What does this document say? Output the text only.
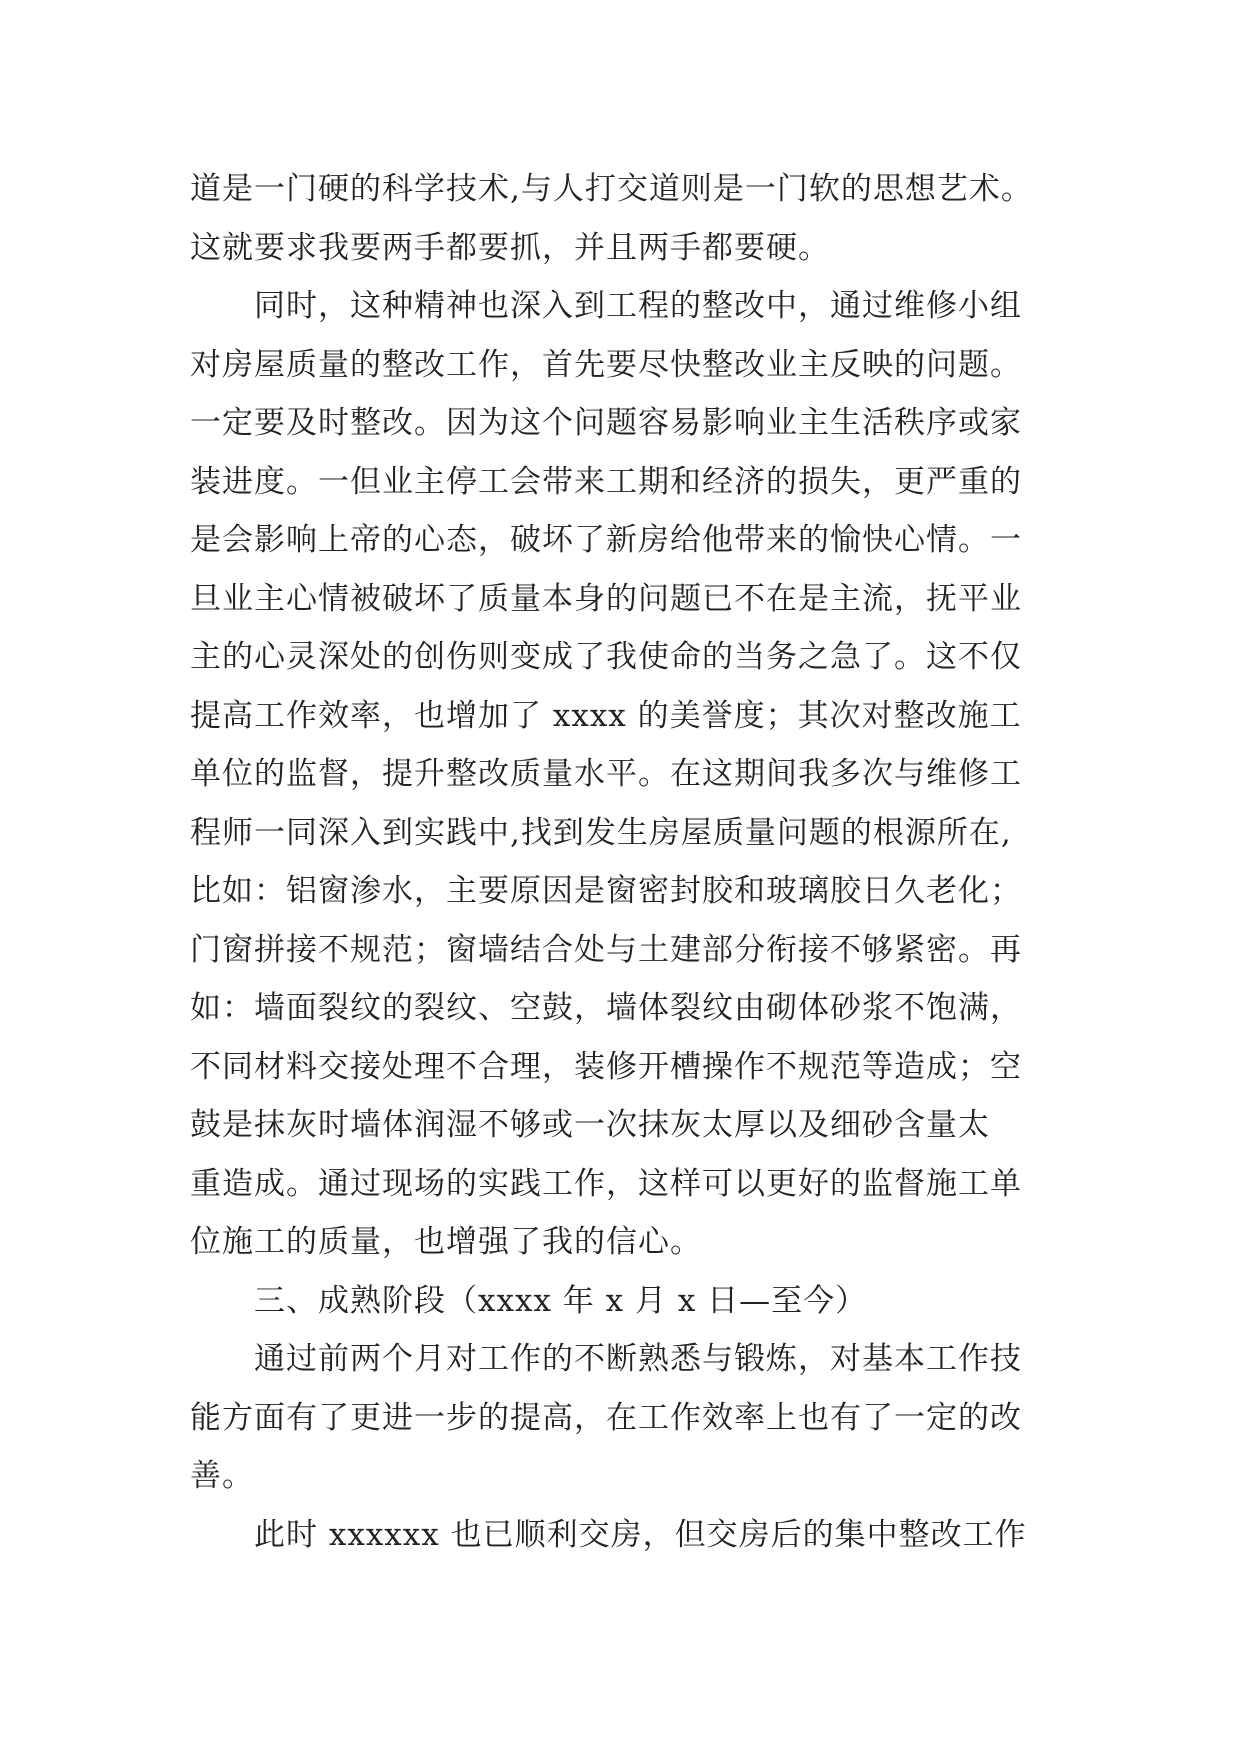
道是一门硬的科学技术,与人打交道则是一门软的思想艺术。
这就要求我要两手都要抓，并且两手都要硬。
同时，这种精神也深入到工程的整改中，通过维修小组
对房屋质量的整改工作，首先要尽快整改业主反映的问题。
一定要及时整改。因为这个问题容易影响业主生活秩序或家
装进度。一但业主停工会带来工期和经济的损失，更严重的
是会影响上帝的心态，破坏了新房给他带来的愉快心情。一
旦业主心情被破坏了质量本身的问题已不在是主流，抚平业
主的心灵深处的创伤则变成了我使命的当务之急了。这不仅
提高工作效率，也增加了 xxxx 的美誉度；其次对整改施工
单位的监督，提升整改质量水平。在这期间我多次与维修工
程师一同深入到实践中,找到发生房屋质量问题的根源所在,
比如：铝窗渗水，主要原因是窗密封胶和玻璃胶日久老化；
门窗拼接不规范；窗墙结合处与土建部分衔接不够紧密。再
如：墙面裂纹的裂纹、空鼓，墙体裂纹由砌体砂浆不饱满，
不同材料交接处理不合理，装修开槽操作不规范等造成；空
鼓是抹灰时墙体润湿不够或一次抹灰太厚以及细砂含量太
重造成。通过现场的实践工作，这样可以更好的监督施工单
位施工的质量，也增强了我的信心。
三、成熟阶段（xxxx 年 x 月 x 日—至今）
通过前两个月对工作的不断熟悉与锻炼，对基本工作技
能方面有了更进一步的提高，在工作效率上也有了一定的改
善。
此时 xxxxxx 也已顺利交房，但交房后的集中整改工作
